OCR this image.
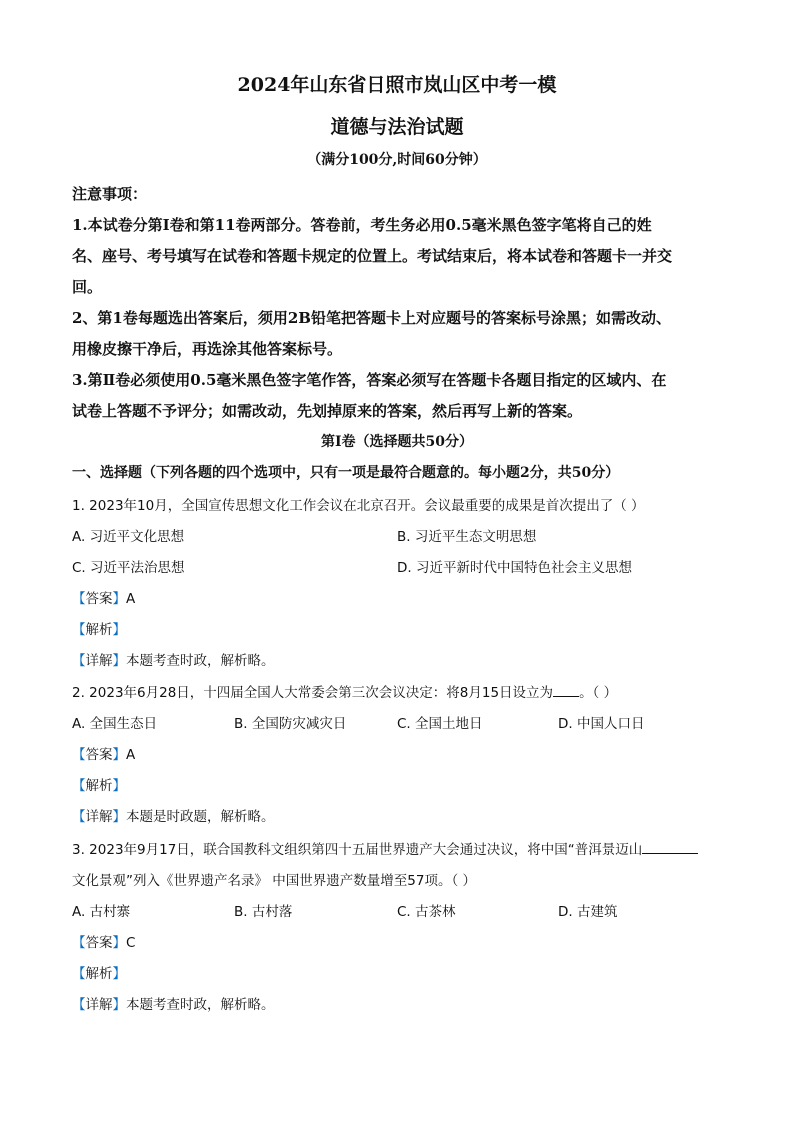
2024年山东省日照市岚山区中考一模
道德与法治试题
（满分100分,时间60分钟）
注意事项：
1.本试卷分第Ⅰ卷和第11卷两部分。答卷前，考生务必用0.5毫米黑色签字笔将自己的姓
名、座号、考号填写在试卷和答题卡规定的位置上。考试结束后，将本试卷和答题卡一并交
回。
2、第1卷每题选出答案后，须用2B铅笔把答题卡上对应题号的答案标号涂黑；如需改动、
用橡皮擦干净后，再选涂其他答案标号。
3.第Ⅱ卷必须使用0.5毫米黑色签字笔作答，答案必须写在答题卡各题目指定的区域内、在
试卷上答题不予评分；如需改动，先划掉原来的答案，然后再写上新的答案。
第Ⅰ卷（选择题共50分）
一、选择题（下列各题的四个选项中，只有一项是最符合题意的。每小题2分，共50分）
1. 2023年10月，全国宣传思想文化工作会议在北京召开。会议最重要的成果是首次提出了（ ）
A. 习近平文化思想	B. 习近平生态文明思想
C. 习近平法治思想	D. 习近平新时代中国特色社会主义思想
【答案】A
【解析】
【详解】本题考查时政，解析略。
2. 2023年6月28日，十四届全国人大常委会第三次会议决定：将8月15日设立为 。（ ）
A. 全国生态日	B. 全国防灾减灾日	C. 全国土地日	D. 中国人口日
【答案】A
【解析】
【详解】本题是时政题，解析略。
3. 2023年9月17日，联合国教科文组织第四十五届世界遗产大会通过决议，将中国“普洱景迈山
文化景观”列入《世界遗产名录》 中国世界遗产数量增至57项。（ ）
A. 古村寨	B. 古村落	C. 古茶林	D. 古建筑
【答案】C
【解析】
【详解】本题考查时政，解析略。
